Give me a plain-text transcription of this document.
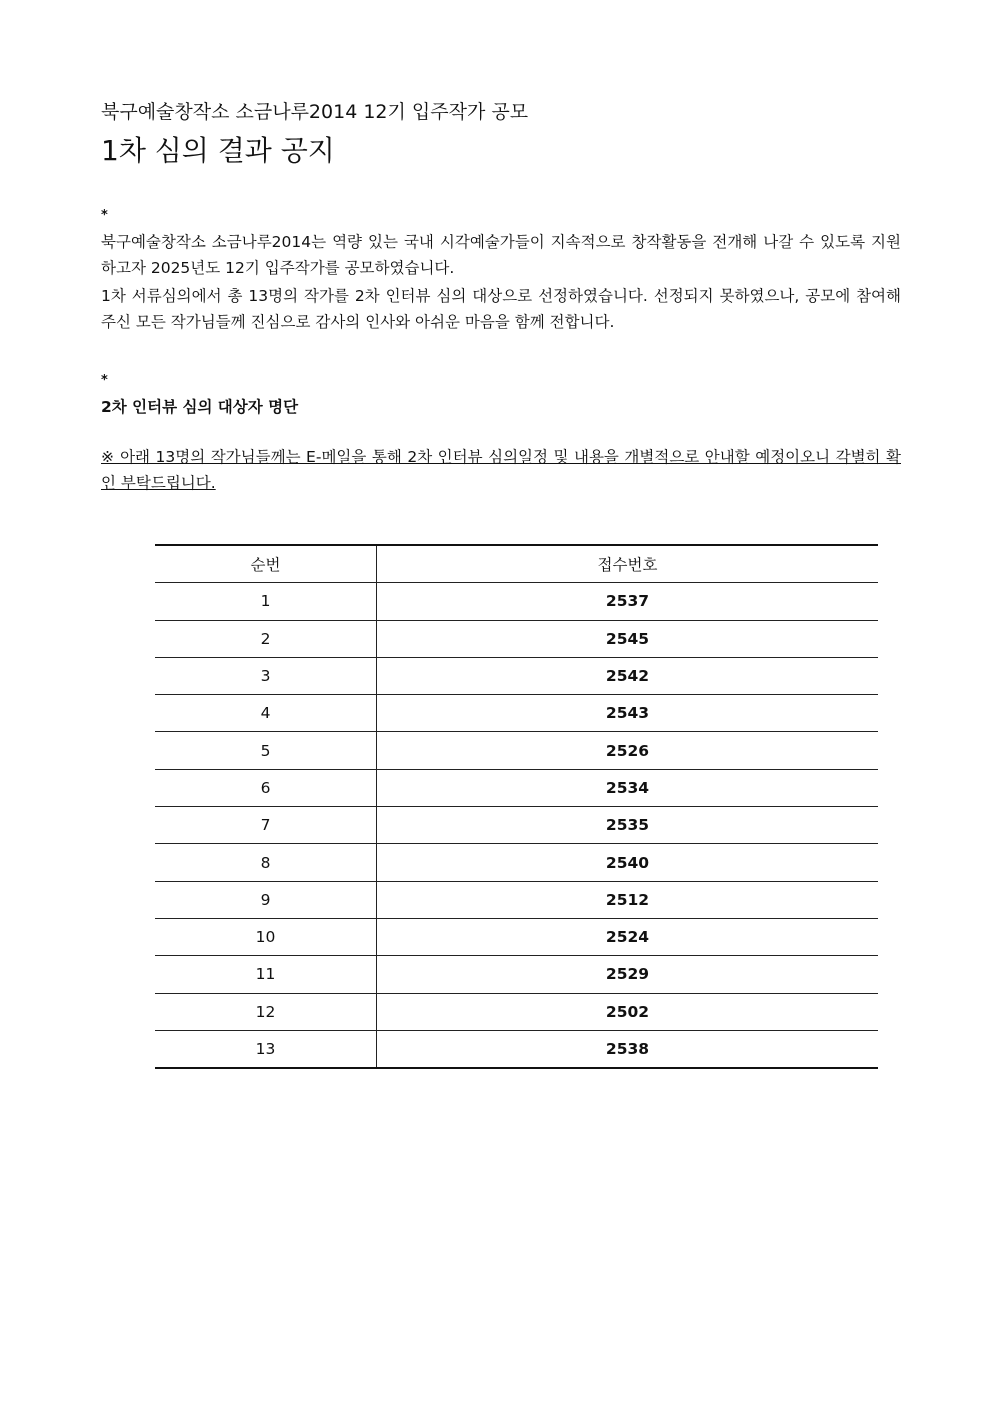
북구예술창작소 소금나루2014 12기 입주작가 공모
1차 심의 결과 공지

*

북구예술창작소 소금나루2014는 역량 있는 국내 시각예술가들이 지속적으로 창작활동을 전개해 나갈 수 있도록 지원하고자 2025년도 12기 입주작가를 공모하였습니다.

1차 서류심의에서 총 13명의 작가를 2차 인터뷰 심의 대상으로 선정하였습니다. 선정되지 못하였으나, 공모에 참여해 주신 모든 작가님들께 진심으로 감사의 인사와 아쉬운 마음을 함께 전합니다.

*

2차 인터뷰 심의 대상자 명단

※ 아래 13명의 작가님들께는 E-메일을 통해 2차 인터뷰 심의일정 및 내용을 개별적으로 안내할 예정이오니 각별히 확인 부탁드립니다.

순번	접수번호
1	2537
2	2545
3	2542
4	2543
5	2526
6	2534
7	2535
8	2540
9	2512
10	2524
11	2529
12	2502
13	2538
